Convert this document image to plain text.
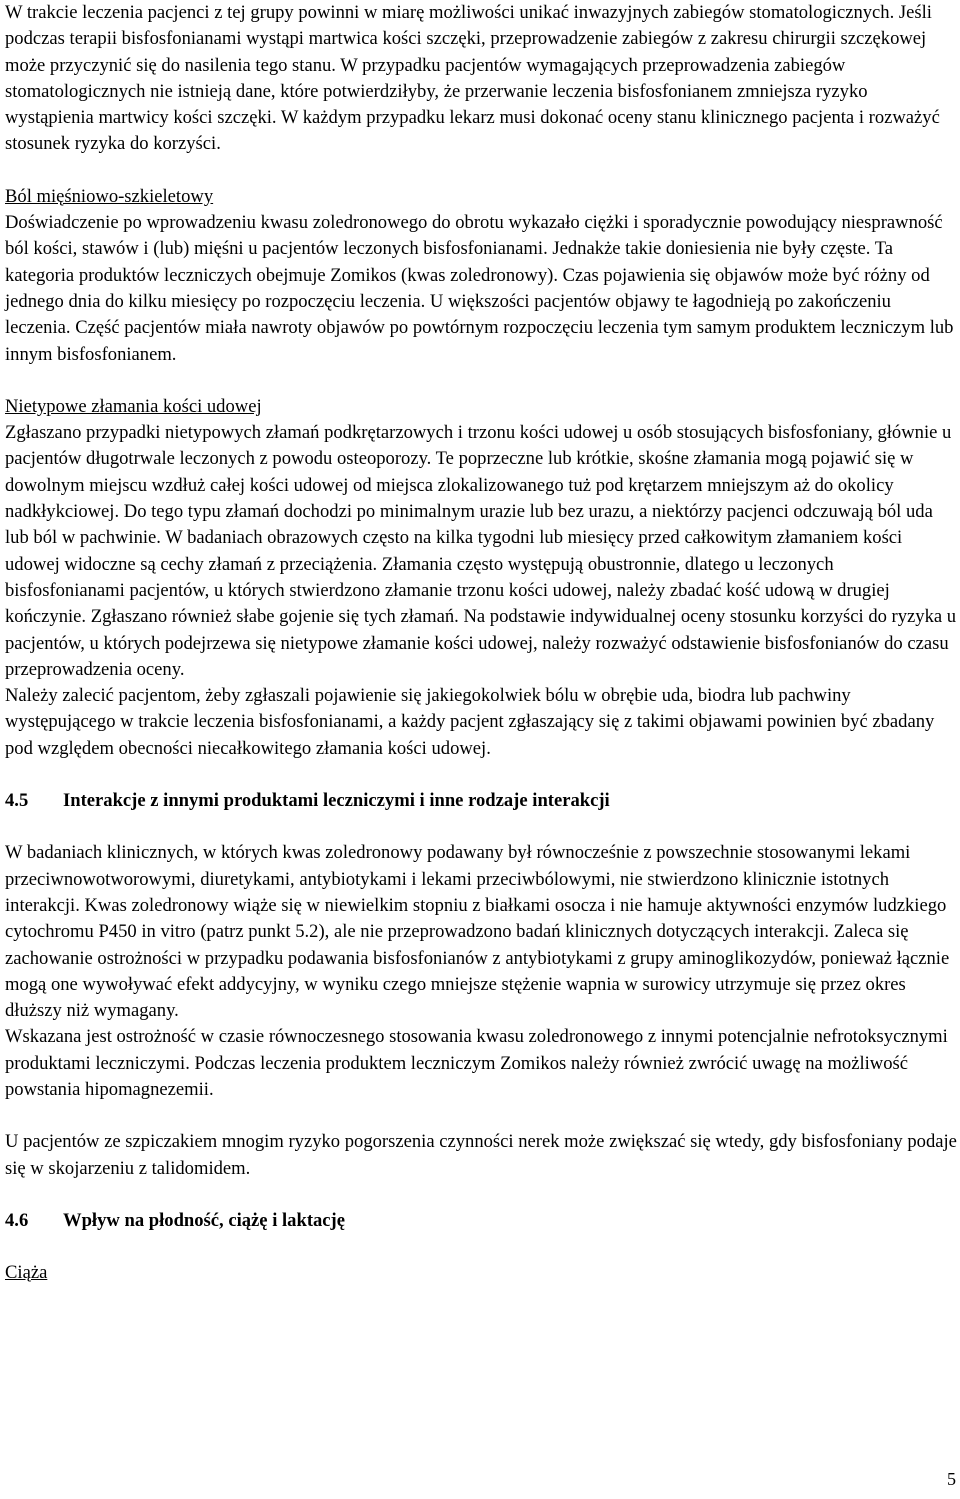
W trakcie leczenia pacjenci z tej grupy powinni w miarę możliwości unikać inwazyjnych zabiegów stomatologicznych. Jeśli podczas terapii bisfosfonianami wystąpi martwica kości szczęki, przeprowadzenie zabiegów z zakresu chirurgii szczękowej może przyczynić się do nasilenia tego stanu. W przypadku pacjentów wymagających przeprowadzenia zabiegów stomatologicznych nie istnieją dane, które potwierdziłyby, że przerwanie leczenia bisfosfonianem zmniejsza ryzyko wystąpienia martwicy kości szczęki. W każdym przypadku lekarz musi dokonać oceny stanu klinicznego pacjenta i rozważyć stosunek ryzyka do korzyści.

Ból mięśniowo-szkieletowy

Doświadczenie po wprowadzeniu kwasu zoledronowego do obrotu wykazało ciężki i sporadycznie powodujący niesprawność ból kości, stawów i (lub) mięśni u pacjentów leczonych bisfosfonianami. Jednakże takie doniesienia nie były częste. Ta kategoria produktów leczniczych obejmuje Zomikos (kwas zoledronowy). Czas pojawienia się objawów może być różny od jednego dnia do kilku miesięcy po rozpoczęciu leczenia. U większości pacjentów objawy te łagodnieją po zakończeniu leczenia. Część pacjentów miała nawroty objawów po powtórnym rozpoczęciu leczenia tym samym produktem leczniczym lub innym bisfosfonianem.

Nietypowe złamania kości udowej

Zgłaszano przypadki nietypowych złamań podkrętarzowych i trzonu kości udowej u osób stosujących bisfosfoniany, głównie u pacjentów długotrwale leczonych z powodu osteoporozy. Te poprzeczne lub krótkie, skośne złamania mogą pojawić się w dowolnym miejscu wzdłuż całej kości udowej od miejsca zlokalizowanego tuż pod krętarzem mniejszym aż do okolicy nadkłykciowej. Do tego typu złamań dochodzi po minimalnym urazie lub bez urazu, a niektórzy pacjenci odczuwają ból uda lub ból w pachwinie. W badaniach obrazowych często na kilka tygodni lub miesięcy przed całkowitym złamaniem kości udowej widoczne są cechy złamań z przeciążenia. Złamania często występują obustronnie, dlatego u leczonych bisfosfonianami pacjentów, u których stwierdzono złamanie trzonu kości udowej, należy zbadać kość udową w drugiej kończynie. Zgłaszano również słabe gojenie się tych złamań. Na podstawie indywidualnej oceny stosunku korzyści do ryzyka u pacjentów, u których podejrzewa się nietypowe złamanie kości udowej, należy rozważyć odstawienie bisfosfonianów do czasu przeprowadzenia oceny.

Należy zalecić pacjentom, żeby zgłaszali pojawienie się jakiegokolwiek bólu w obrębie uda, biodra lub pachwiny występującego w trakcie leczenia bisfosfonianami, a każdy pacjent zgłaszający się z takimi objawami powinien być zbadany pod względem obecności niecałkowitego złamania kości udowej.

4.5	Interakcje z innymi produktami leczniczymi i inne rodzaje interakcji

W badaniach klinicznych, w których kwas zoledronowy podawany był równocześnie z powszechnie stosowanymi lekami przeciwnowotworowymi, diuretykami, antybiotykami i lekami przeciwbólowymi, nie stwierdzono klinicznie istotnych interakcji. Kwas zoledronowy wiąże się w niewielkim stopniu z białkami osocza i nie hamuje aktywności enzymów ludzkiego cytochromu P450 in vitro (patrz punkt 5.2), ale nie przeprowadzono badań klinicznych dotyczących interakcji. Zaleca się zachowanie ostrożności w przypadku podawania bisfosfonianów z antybiotykami z grupy aminoglikozydów, ponieważ łącznie mogą one wywoływać efekt addycyjny, w wyniku czego mniejsze stężenie wapnia w surowicy utrzymuje się przez okres dłuższy niż wymagany.

Wskazana jest ostrożność w czasie równoczesnego stosowania kwasu zoledronowego z innymi potencjalnie nefrotoksycznymi produktami leczniczymi. Podczas leczenia produktem leczniczym Zomikos należy również zwrócić uwagę na możliwość powstania hipomagnezemii.

U pacjentów ze szpiczakiem mnogim ryzyko pogorszenia czynności nerek może zwiększać się wtedy, gdy bisfosfoniany podaje się w skojarzeniu z talidomidem.

4.6	Wpływ na płodność, ciążę i laktację

Ciąża

5
